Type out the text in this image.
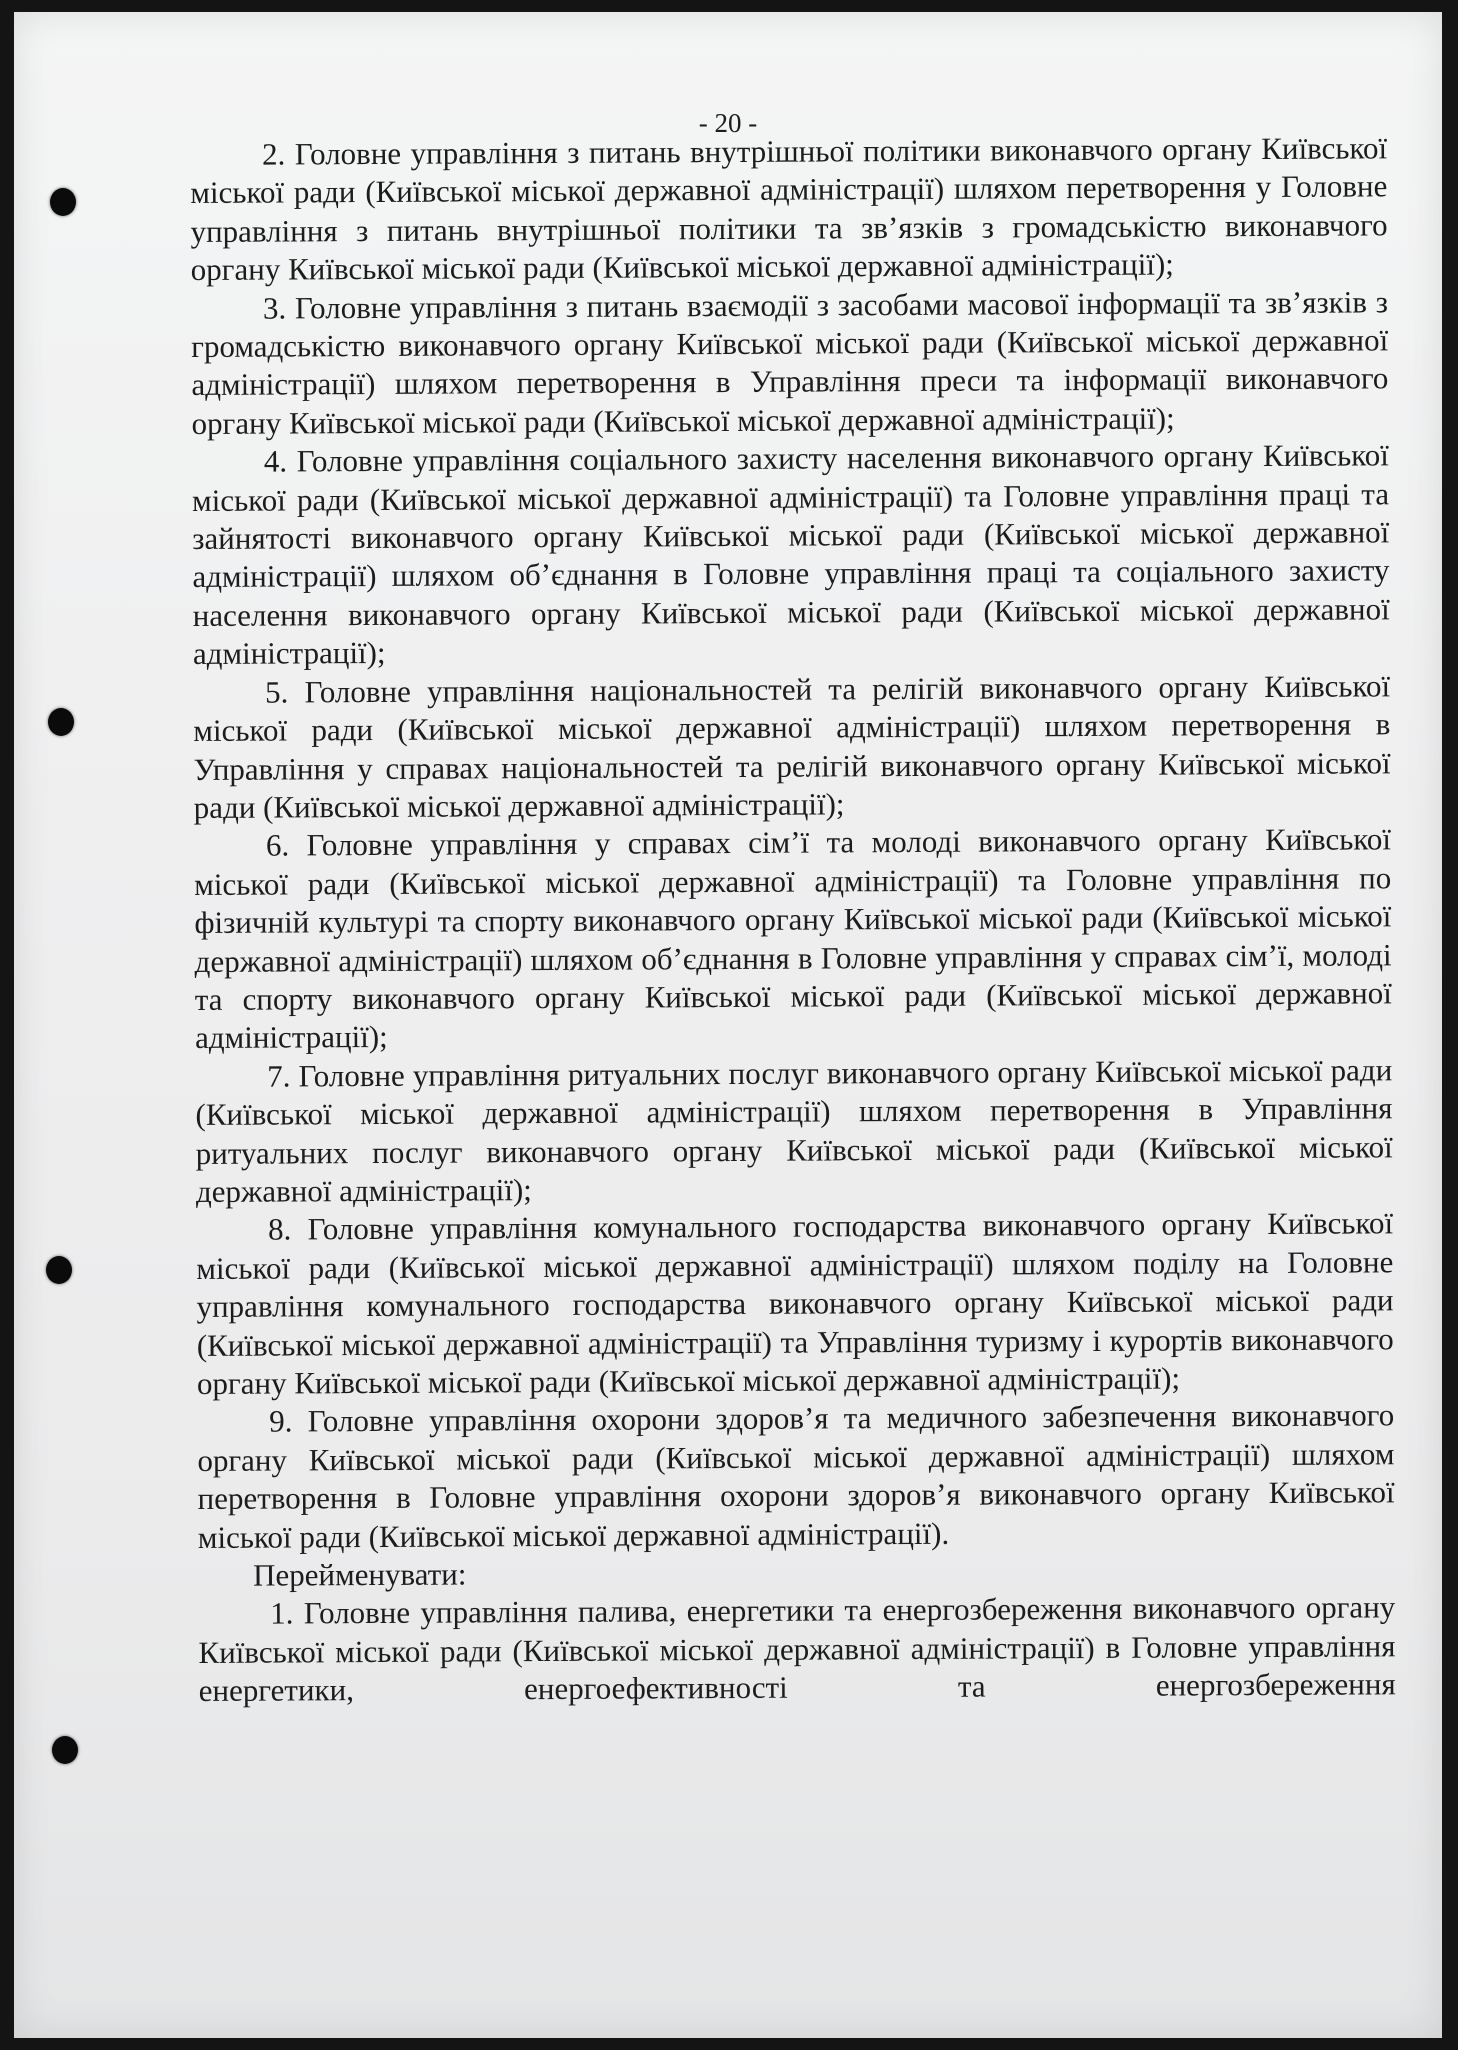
- 20 -

2. Головне управління з питань внутрішньої політики виконавчого органу Київської міської ради (Київської міської державної адміністрації) шляхом перетворення у Головне управління з питань внутрішньої політики та зв’язків з громадськістю виконавчого органу Київської міської ради (Київської міської державної адміністрації);

3. Головне управління з питань взаємодії з засобами масової інформації та зв’язків з громадськістю виконавчого органу Київської міської ради (Київської міської державної адміністрації) шляхом перетворення в Управління преси та інформації виконавчого органу Київської міської ради (Київської міської державної адміністрації);

4. Головне управління соціального захисту населення виконавчого органу Київської міської ради (Київської міської державної адміністрації) та Головне управління праці та зайнятості виконавчого органу Київської міської ради (Київської міської державної адміністрації) шляхом об’єднання в Головне управління праці та соціального захисту населення виконавчого органу Київської міської ради (Київської міської державної адміністрації);

5. Головне управління національностей та релігій виконавчого органу Київської міської ради (Київської міської державної адміністрації) шляхом перетворення в Управління у справах національностей та релігій виконавчого органу Київської міської ради (Київської міської державної адміністрації);

6. Головне управління у справах сім’ї та молоді виконавчого органу Київської міської ради (Київської міської державної адміністрації) та Головне управління по фізичній культурі та спорту виконавчого органу Київської міської ради (Київської міської державної адміністрації) шляхом об’єднання в Головне управління у справах сім’ї, молоді та спорту виконавчого органу Київської міської ради (Київської міської державної адміністрації);

7. Головне управління ритуальних послуг виконавчого органу Київської міської ради (Київської міської державної адміністрації) шляхом перетворення в Управління ритуальних послуг виконавчого органу Київської міської ради (Київської міської державної адміністрації);

8. Головне управління комунального господарства виконавчого органу Київської міської ради (Київської міської державної адміністрації) шляхом поділу на Головне управління комунального господарства виконавчого органу Київської міської ради (Київської міської державної адміністрації) та Управління туризму і курортів виконавчого органу Київської міської ради (Київської міської державної адміністрації);

9. Головне управління охорони здоров’я та медичного забезпечення виконавчого органу Київської міської ради (Київської міської державної адміністрації) шляхом перетворення в Головне управління охорони здоров’я виконавчого органу Київської міської ради (Київської міської державної адміністрації).

Перейменувати:

1. Головне управління палива, енергетики та енергозбереження виконавчого органу Київської міської ради (Київської міської державної адміністрації) в Головне управління енергетики, енергоефективності та енергозбереження
